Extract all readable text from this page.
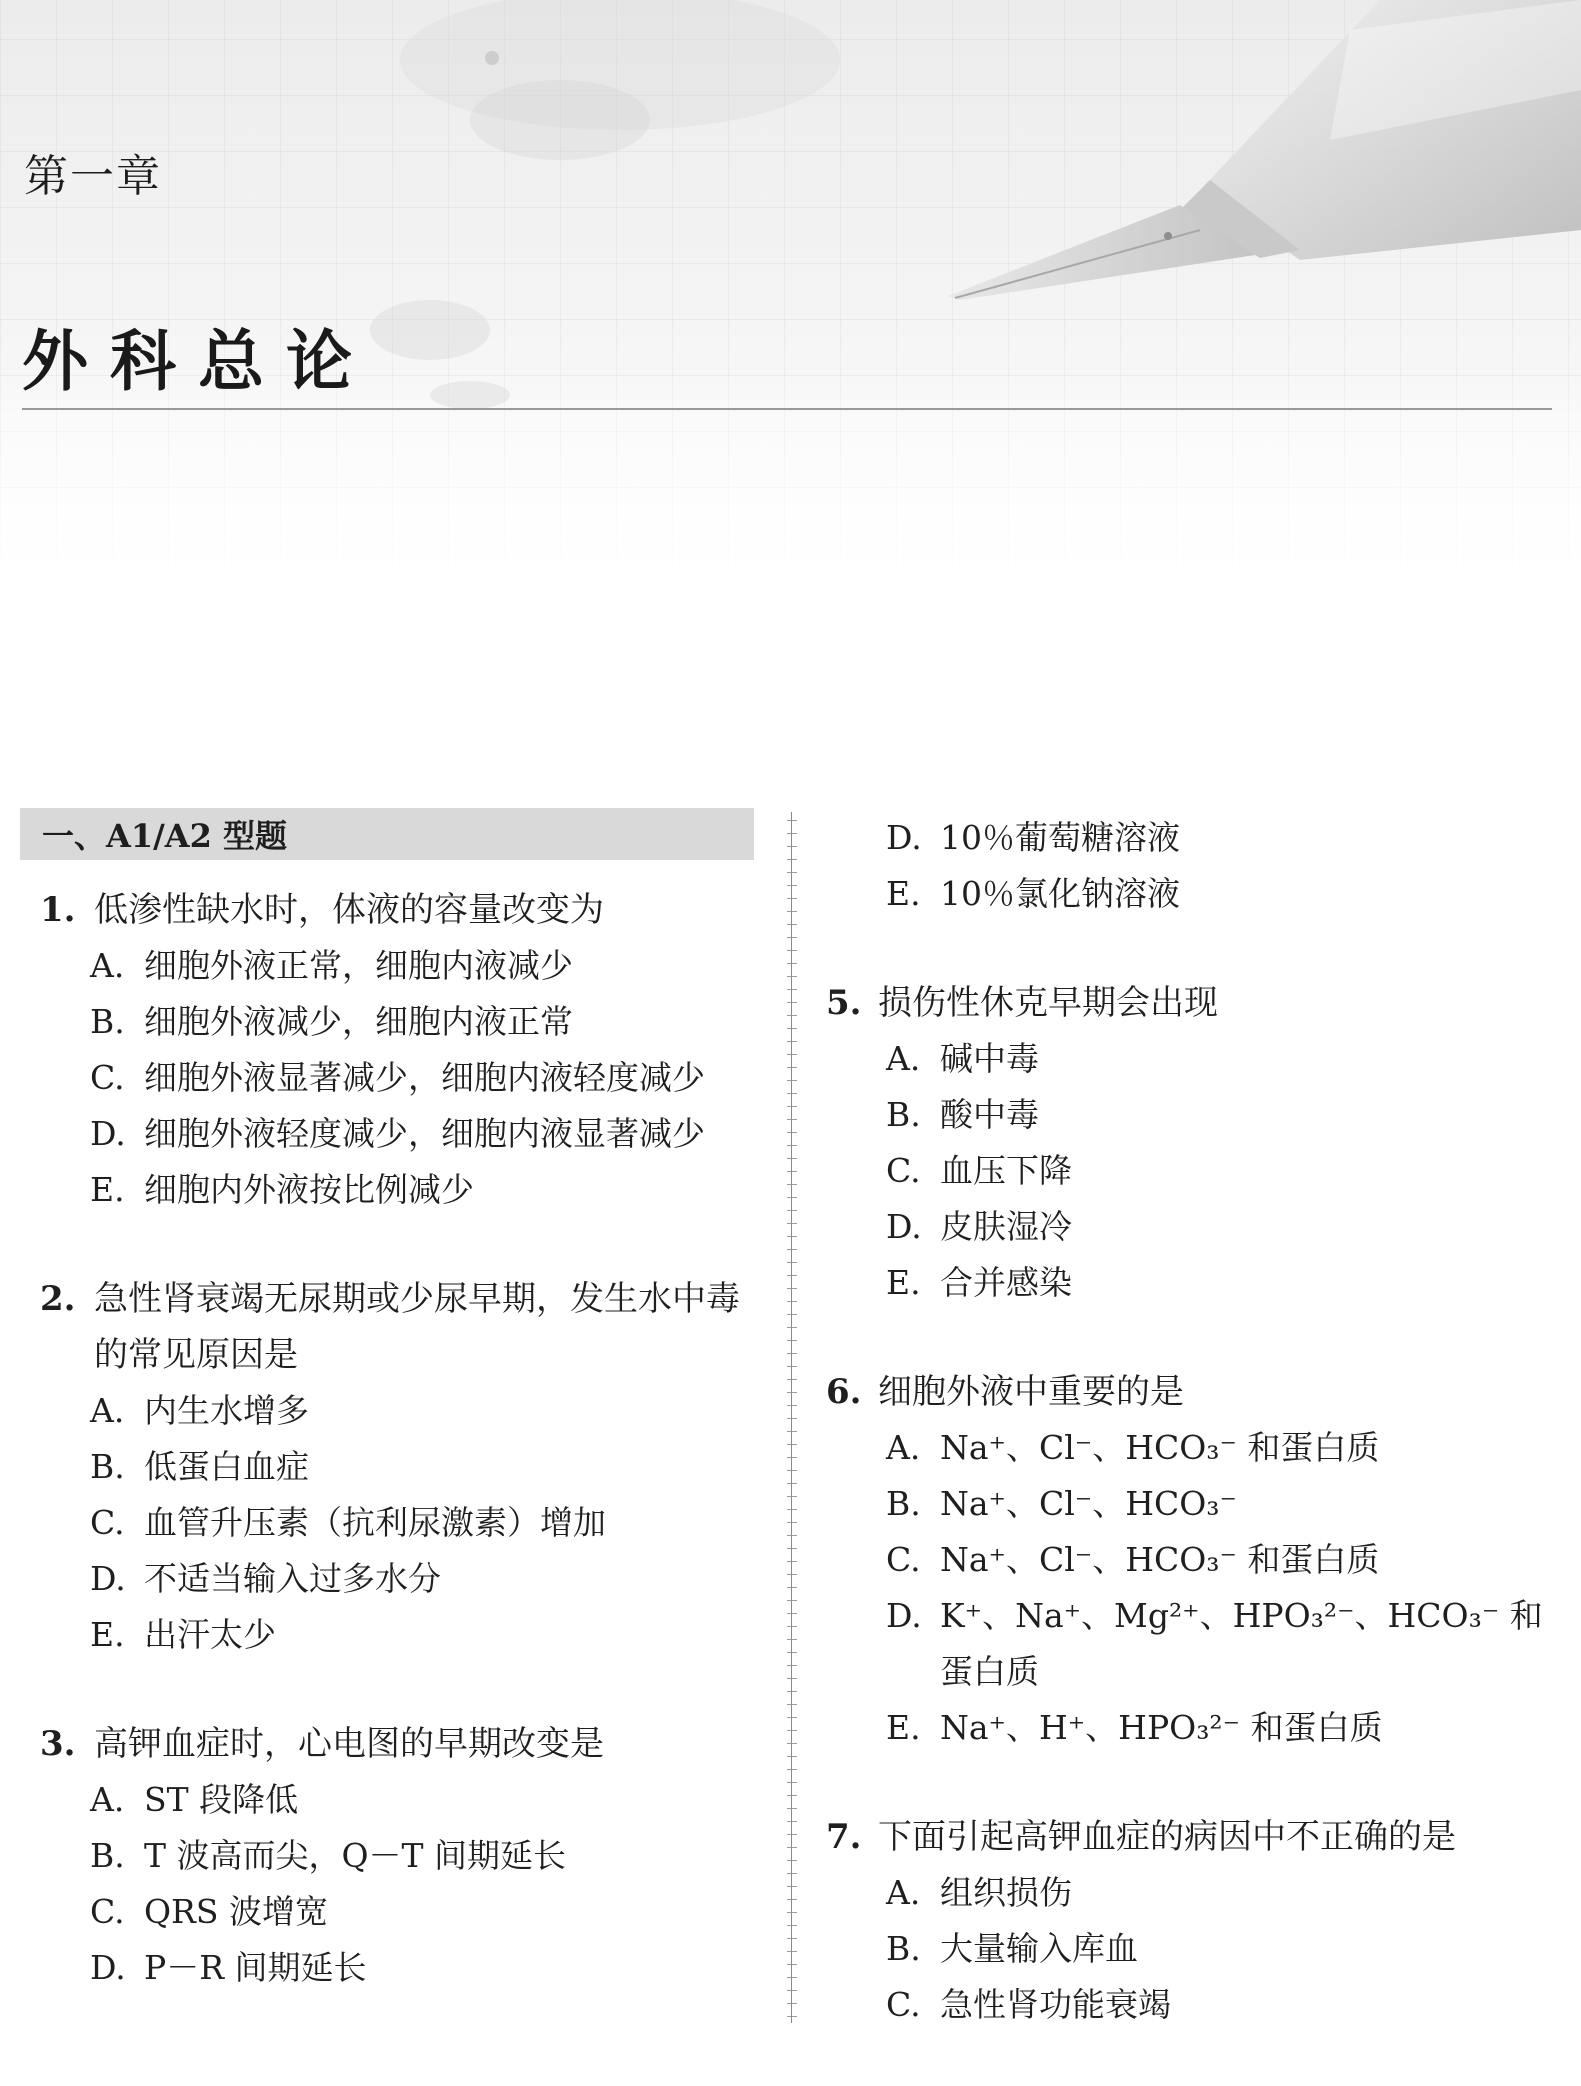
第一章
外科总论
一、A1/A2 型题
1. 低渗性缺水时，体液的容量改变为
A. 细胞外液正常，细胞内液减少
B. 细胞外液减少，细胞内液正常
C. 细胞外液显著减少，细胞内液轻度减少
D. 细胞外液轻度减少，细胞内液显著减少
E. 细胞内外液按比例减少
2. 急性肾衰竭无尿期或少尿早期，发生水中毒的常见原因是
A. 内生水增多
B. 低蛋白血症
C. 血管升压素（抗利尿激素）增加
D. 不适当输入过多水分
E. 出汗太少
3. 高钾血症时，心电图的早期改变是
A. ST 段降低
B. T 波高而尖，Q－T 间期延长
C. QRS 波增宽
D. P－R 间期延长
D. 10％葡萄糖溶液
E. 10％氯化钠溶液
5. 损伤性休克早期会出现
A. 碱中毒
B. 酸中毒
C. 血压下降
D. 皮肤湿冷
E. 合并感染
6. 细胞外液中重要的是
A. Na⁺、Cl⁻、HCO₃⁻ 和蛋白质
B. Na⁺、Cl⁻、HCO₃⁻
C. Na⁺、Cl⁻、HCO₃⁻ 和蛋白质
D. K⁺、Na⁺、Mg²⁺、HPO₃²⁻、HCO₃⁻ 和蛋白质
E. Na⁺、H⁺、HPO₃²⁻ 和蛋白质
7. 下面引起高钾血症的病因中不正确的是
A. 组织损伤
B. 大量输入库血
C. 急性肾功能衰竭
